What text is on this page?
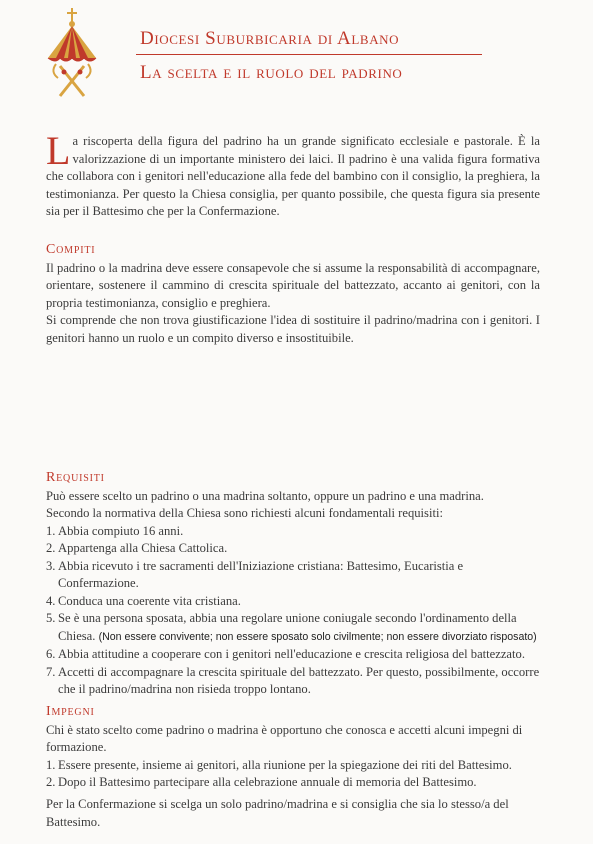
Diocesi Suburbicaria di Albano
La scelta e il ruolo del padrino
La riscoperta della figura del padrino ha un grande significato ecclesiale e pastorale. È la valorizzazione di un importante ministero dei laici. Il padrino è una valida figura formativa che collabora con i genitori nell'educazione alla fede del bambino con il consiglio, la preghiera, la testimonianza. Per questo la Chiesa consiglia, per quanto possibile, che questa figura sia presente sia per il Battesimo che per la Confermazione.
Compiti

Il padrino o la madrina deve essere consapevole che si assume la responsabilità di accompagnare, orientare, sostenere il cammino di crescita spirituale del battezzato, accanto ai genitori, con la propria testimonianza, consiglio e preghiera.

Si comprende che non trova giustificazione l'idea di sostituire il padrino/madrina con i genitori. I genitori hanno un ruolo e un compito diverso e insostituibile.

Requisiti

Può essere scelto un padrino o una madrina soltanto, oppure un padrino e una madrina.

Secondo la normativa della Chiesa sono richiesti alcuni fondamentali requisiti:

1. Abbia compiuto 16 anni.
2. Appartenga alla Chiesa Cattolica.
3. Abbia ricevuto i tre sacramenti dell'Iniziazione cristiana: Battesimo, Eucaristia e Confermazione.
4. Conduca una coerente vita cristiana.
5. Se è una persona sposata, abbia una regolare unione coniugale secondo l'ordinamento della Chiesa. (Non essere convivente; non essere sposato solo civilmente; non essere divorziato risposato)
6. Abbia attitudine a cooperare con i genitori nell'educazione e crescita religiosa del battezzato.
7. Accetti di accompagnare la crescita spirituale del battezzato. Per questo, possibilmente, occorre che il padrino/madrina non risieda troppo lontano.
Impegni

Chi è stato scelto come padrino o madrina è opportuno che conosca e accetti alcuni impegni di formazione.

1. Essere presente, insieme ai genitori, alla riunione per la spiegazione dei riti del Battesimo.
2. Dopo il Battesimo partecipare alla celebrazione annuale di memoria del Battesimo.
Per la Confermazione si scelga un solo padrino/madrina e si consiglia che sia lo stesso/a del Battesimo.
